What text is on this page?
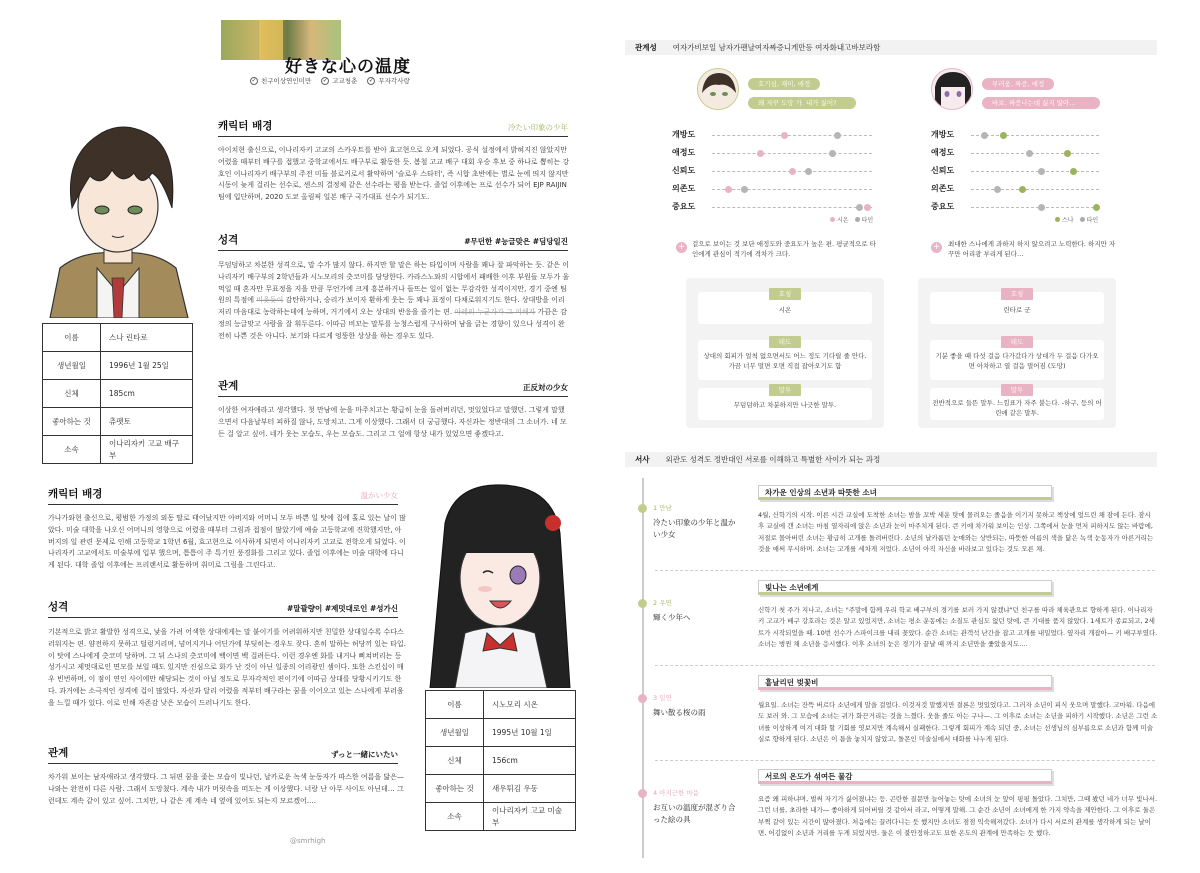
好きな心の温度
✓ 친구이상연인미만 ✓ 고교청춘 ✓ 무자각사랑
캐릭터 배경	冷たい印象の少年
아이치현 출신으로, 이나리자키 고교의 스카우트를 받아 효고현으로 오게 되었다. 공식 설정에서 밝혀지진 않았지만 어렸을 때부터 배구를 접했고 중학교에서도 배구부로 활동한 듯. 봄철 고교 배구 대회 우승 후보 중 하나로 뽑히는 강호인 이나리자키 배구부의 주전 미들 블로커로서 활약하며 '슬로우 스타터', 즉 시합 초반에는 별로 눈에 띄지 않지만 시동이 늦게 걸리는 선수로, 센스의 결정체 같은 선수라는 평을 받는다. 졸업 이후에는 프로 선수가 되어 EJP RAIJIN팀에 입단하며, 2020 도쿄 올림픽 일본 배구 국가대표 선수가 되기도.
성격	#무던한 #능글맞은 #딤당일진
무덤덤하고 차분한 성격으로, 말 수가 많지 않다. 하지만 할 말은 하는 타입이며 사람을 꽤나 잘 파악하는 듯. 같은 이나리자키 배구부의 2학년들과 시노모리의 츳코미를 담당한다. 카라스노와의 시합에서 패배한 이후 부원들 모두가 울먹일 때 혼자만 무표정을 지을 만큼 무언가에 크게 흥분하거나 들뜨는 일이 없는 무감각한 성격이지만, 경기 중엔 팀원의 특점에 비웃듯이 감탄하거나, 승리가 보이자 환하게 웃는 등 꽤나 표정이 다채로워지기도 한다. 상대방을 이리저리 마음대로 농락하는데에 능하며, 거기에서 오는 상대의 반응을 즐기는 편. 아레의 누군가가 그 피해자 가끔은 감정의 능글맞고 사람을 잘 휘두른다. 이따금 비꼬는 말투를 능청스럽게 구사하며 남을 긁는 경향이 있으나 성격이 완전히 나쁜 것은 아니다. 보기와 다르게 엉뚱한 상상을 하는 경우도 있다.
관계	正反対の少女
이상한 여자애라고 생각했다. 첫 만남에 눈을 마주치고는 황급히 눈을 돌려버리던, 멋있었다고 말했던. 그렇게 말했으면서 다음날부터 피하질 않나, 도망치고. 그게 이상했다. 그래서 더 궁금했다. 자신과는 정반대의 그 소녀가. 네 모든 걸 알고 싶어. 네가 웃는 모습도, 우는 모습도. 그리고 그 얼에 항상 내가 있었으면 좋겠다고.
이름	스나 린타로
생년월일	1996년 1월 25일
신체	185cm
좋아하는 것	츄펫토
소속	이나리자키 고교 배구부
캐릭터 배경	温かい少女
가나가와현 출신으로, 평범한 가정의 외동 딸로 태어났지만 아버지와 어머니 모두 바쁜 일 탓에 집에 홀로 있는 날이 많았다. 미술 대학을 나오신 어머니의 영향으로 어렸을 때부터 그림과 접점이 많았기에 예술 고등학교에 진학했지만, 아버지의 일 관련 문제로 인해 고등학교 1학년 6월, 효고현으로 이사하게 되면서 이나리자키 고교로 전학오게 되었다. 이나리자키 고교에서도 미술부에 입부 했으며, 틈틈이 주 특기인 풍경화를 그리고 있다. 졸업 이후에는 미술 대학에 다니게 된다. 대학 졸업 이후에는 프리랜서로 활동하며 취미로 그림을 그린다고.
성격	#말괄량이 #제멋대로인 #성가신
기본적으로 밝고 활발한 성격으로, 낯을 가려 어색한 상대에게는 말 붙이기를 어려워하지만 친밀한 상대일수록 수다스러워지는 편. 얌전하지 못하고 덜렁거리며, 넘어지거나 어딘가에 부딪히는 경우도 잦다. 혼히 말하는 허당끼 있는 타입. 이 탓에 스나에게 츳코미 당하며. 그 뒤 스나의 츳코미에 백이면 백 걸려든다. 이런 경우엔 화를 내거나 삐쳐버리는 등 성가시고 제멋대로인 면모를 보일 때도 있지만 진심으로 화가 난 것이 아닌 일종의 어리광인 셈이다. 또한 스킨십이 매우 빈번하며, 이 점이 연인 사이에만 해당되는 것이 아닐 정도로 무자각적인 편이기에 이따금 상대를 당황시키기도 한다. 과거에는 소극적인 성격에 겁이 많았다. 자신과 달리 어렸을 적부터 배구라는 꿈을 이어오고 있는 스나에게 부러움을 느낄 때가 있다. 이로 인해 자존감 낮은 모습이 드러나기도 한다.
관계	ずっと一緒にいたい
차가워 보이는 남자애라고 생각했다. 그 뒤편 꿈을 좇는 모습이 빛나던, 날카로운 녹색 눈동자가 따스한 여름을 닮은— 나와는 완전히 다른 사람. 그래서 도망쳤다. 계속 내가 머릿속을 떠도는 게 이상했다. 너랑 난 아무 사이도 아닌데… 그런데도 계속 같이 있고 싶어. 그치만, 나 같은 게 계속 네 옆에 있어도 되는지 모르겠어….
이름	시노모리 시온
생년월일	1995년 10월 1일
신체	156cm
좋아하는 것	새우튀김 우동
소속	이나리자키 고교 미술부
@smrhigh
관계성 여자가비보일 남자가팬날여자짜증니게만등 여자화내고바보라함
호기심, 재미, 애정
왜 자꾸 도망 가. 내가 싫어?
개방도
애정도
신뢰도
의존도
중요도
시온	타인
+ 겉으로 보이는 것 보단 애정도와 중요도가 높은 편. 평균적으로 타인에게 관심이 적기에 격차가 크다.
호칭
시온
태도
상대의 회피가 얼척 없으면서도 어느 정도 기다릴 줄 안다. 가끔 너무 멀면 오면 직접 잡아오기도 함
말투
무덤덤하고 차분하지만 나긋한 말투.
부러움, 짜증, 애정
바보. 짜증나는데 싫지 않아…
개방도
애정도
신뢰도
의존도
중요도
스나	타인
+ 최대한 스나에게 과하지 하지 않으려고 노력한다. 하지만 자꾸만 어리광 부리게 된다…
호칭
린타로 군
태도
기분 좋을 때 다섯 걸음 다가갔다가 상대가 두 걸음 다가오면 아차하고 열 걸음 멀어짐 (도망)
말투
전반적으로 들뜬 말투. 느낌표가 자주 붙는다. -하구, 등의 어린애 같은 말투.
서사 외관도 성격도 정반대인 서로를 이해하고 특별한 사이가 되는 과정
1 만남
冷たい印象の少年と温かい少女
차가운 인상의 소년과 따뜻한 소녀
4월, 신학기의 시작. 이른 시간 교실에 도착한 소녀는 밤을 꼬박 세운 탓에 몰려오는 졸음을 이기지 못하고 책상에 엎드린 채 잠에 든다. 잠시 후 교실에 갠 소녀는 마침 열자리에 앉은 소년과 눈이 마주치게 된다. 큰 키에 차가워 보이는 인상. 그쪽에서 눈을 먼저 피하지도 않는 바람에, 저절로 몰아버린 소녀는 황급히 고개를 돌려버린다. 소년의 날카롭던 눈매와는 상반되는, 따뜻한 여름의 색을 닮은 녹색 눈동자가 아른거리는 것을 애써 무시하며. 소녀는 고개를 세차게 저었다. 소년이 아직 자신을 바라보고 있다는 것도 모른 채.
2 우연
輝く少年へ
빛나는 소년에게
신학기 첫 주가 지나고, 소녀는 "주말에 함께 우리 학교 배구부의 경기를 보러 가지 않겠냐"던 친구를 따라 체육관으로 향하게 된다. 이나리자키 고교가 배구 강호라는 것은 알고 있었지만, 소녀는 평소 운동에는 소질도 관심도 없던 탓에, 큰 기대를 품지 않았다. 1세트가 종료되고, 2세트가 시작되었을 때. 10번 선수가 스파이크를 내리 꽂았다. 순간 소녀는 관객석 난간을 잡고 고개를 내밀었다. 옆자리 개잡아— 키 배구부였다. 소녀는 벙찐 채 소년을 응시했다. 이후 소녀의 눈은 경기가 끝날 때 까지 소년만을 좇았을지도….
3 밀연
舞い散る桜の雨
흩날리던 벚꽃비
월요일. 소녀는 잔뜩 버르다 소년에게 말을 걸었다. 이것저것 말했지만 결론은 멋있었다고. 그러자 소년이 피식 웃으며 말했다. 고마워. 다음에도 보러 와. 그 모습에 소녀는 귀가 화끈거리는 것을 느꼈다. 웃을 줄도 아는 구나—. 그 이후로 소녀는 소년을 피하기 시작했다. 소년은 그런 소녀를 이상하게 여겨 대화 할 기회를 엿보지만 계속해서 실패한다. 그렇게 회피가 계속 되던 중, 소녀는 선생님의 심부름으로 소년과 함께 미술실로 향하게 된다. 소년은 이 틈을 놓치지 않았고, 돌몬인 미술실에서 대화를 나누게 된다.
4 아지근한 마음
お互いの温度が混ざり合った絵の具
서로의 온도가 섞여든 물감
요즘 왜 피하냐며, 벌써 자기가 싫어졌냐는 등. 곤란한 질문만 늘어놓는 탓에 소녀의 눈 앞이 핑핑 돌았다. 그치만, 그때 봤던 네가 너무 빛나서. 그런 너를, 초라한 내가— 좋아하게 되어버릴 것 같아서 라고, 어떻게 말해. 그 순간 소년이 소녀에게 한 가지 약속을 제안한다. 그 이후로 둘은 부쩍 같이 있는 시간이 많아졌다. 처음에는 끌려다니는 듯 했지만 소녀도 점점 익숙해져갔다. 소녀가 다시 서로의 관계를 생각하게 되는 날이면, 어김없이 소년과 거리를 두게 되었지만. 둘은 이 불안정하고도 묘한 온도의 관계에 만족하는 듯 했다.
